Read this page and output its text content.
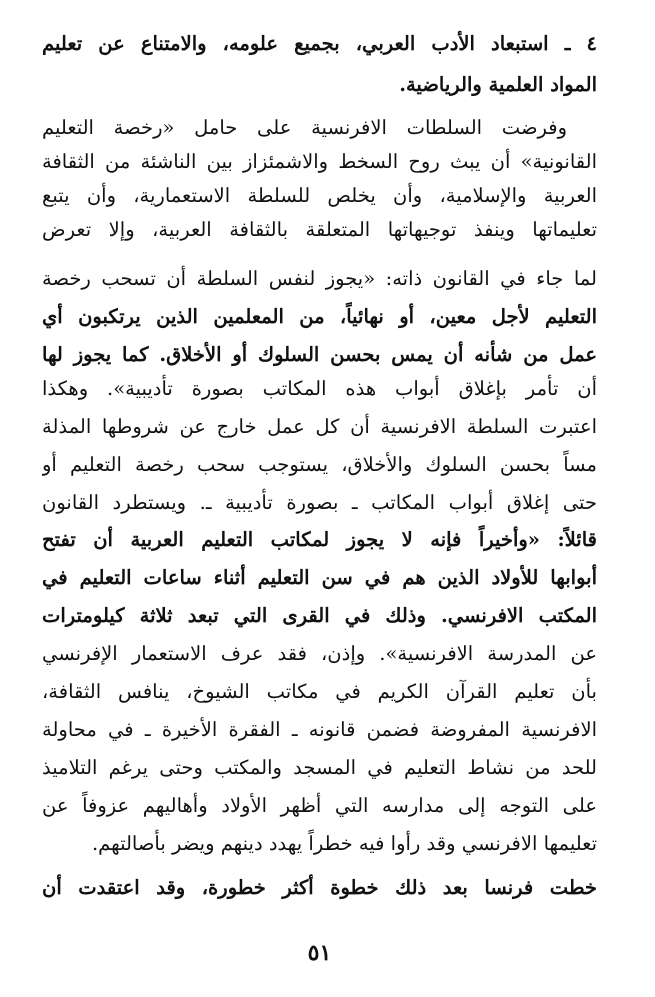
٤ ـ استبعاد الأدب العربي، بجميع علومه، والامتناع عن تعليم
المواد العلمية والرياضية.
وفرضت السلطات الافرنسية على حامل «رخصة التعليم
القانونية» أن يبث روح السخط والاشمئزاز بين الناشئة من الثقافة
العربية والإسلامية، وأن يخلص للسلطة الاستعمارية، وأن يتبع
تعليماتها وينفذ توجيهاتها المتعلقة بالثقافة العربية، وإلا تعرض
لما جاء في القانون ذاته: «يجوز لنفس السلطة أن تسحب رخصة
التعليم لأجل معين، أو نهائياً، من المعلمين الذين يرتكبون أي
عمل من شأنه أن يمس بحسن السلوك أو الأخلاق. كما يجوز لها
أن تأمر بإغلاق أبواب هذه المكاتب بصورة تأديبية». وهكذا
اعتبرت السلطة الافرنسية أن كل عمل خارج عن شروطها المذلة
مساً بحسن السلوك والأخلاق، يستوجب سحب رخصة التعليم أو
حتى إغلاق أبواب المكاتب ـ بصورة تأديبية ـ. ويستطرد القانون
قائلاً: «وأخيراً فإنه لا يجوز لمكاتب التعليم العربية أن تفتح
أبوابها للأولاد الذين هم في سن التعليم أثناء ساعات التعليم في
المكتب الافرنسي. وذلك في القرى التي تبعد ثلاثة كيلومترات
عن المدرسة الافرنسية». وإذن، فقد عرف الاستعمار الإفرنسي
بأن تعليم القرآن الكريم في مكاتب الشيوخ، ينافس الثقافة،
الافرنسية المفروضة فضمن قانونه ـ الفقرة الأخيرة ـ في محاولة
للحد من نشاط التعليم في المسجد والمكتب وحتى يرغم التلاميذ
على التوجه إلى مدارسه التي أظهر الأولاد وأهاليهم عزوفاً عن
تعليمها الافرنسي وقد رأوا فيه خطراً يهدد دينهم ويضر بأصالتهم.
خطت فرنسا بعد ذلك خطوة أكثر خطورة، وقد اعتقدت أن
٥١
